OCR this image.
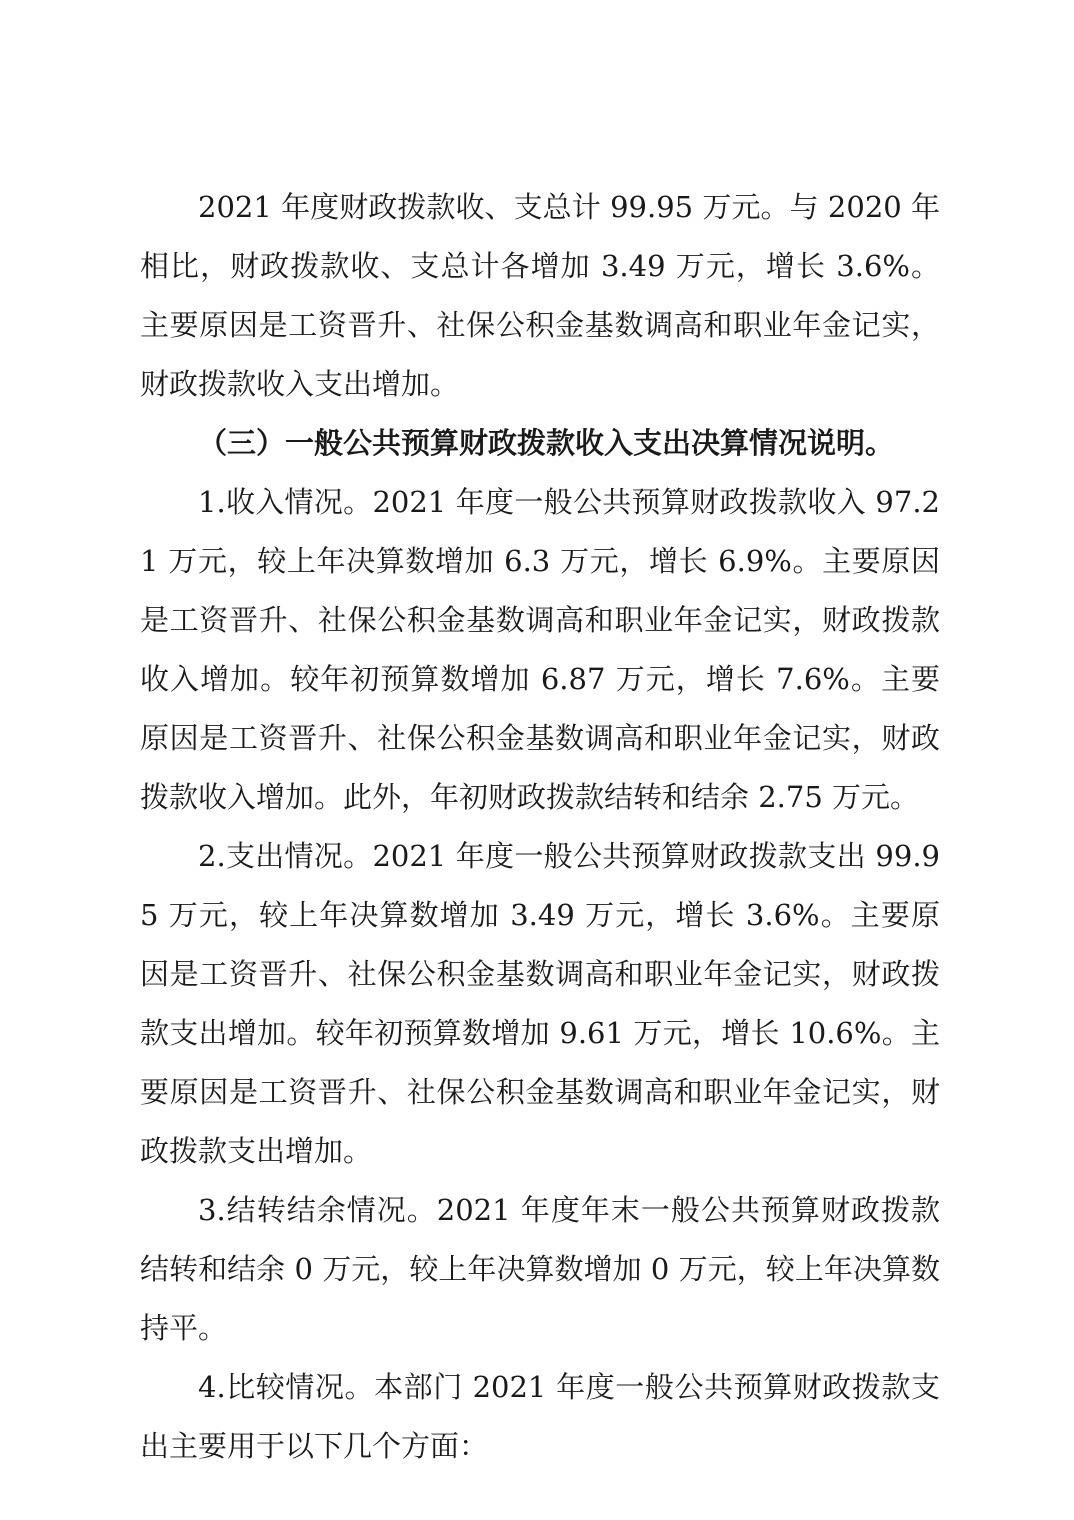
2021 年度财政拨款收、支总计 99.95 万元。与 2020 年相比，财政拨款收、支总计各增加 3.49 万元，增长 3.6%。主要原因是工资晋升、社保公积金基数调高和职业年金记实，财政拨款收入支出增加。

（三）一般公共预算财政拨款收入支出决算情况说明。

1.收入情况。2021 年度一般公共预算财政拨款收入 97.21 万元，较上年决算数增加 6.3 万元，增长 6.9%。主要原因是工资晋升、社保公积金基数调高和职业年金记实，财政拨款收入增加。较年初预算数增加 6.87 万元，增长 7.6%。主要原因是工资晋升、社保公积金基数调高和职业年金记实，财政拨款收入增加。此外，年初财政拨款结转和结余 2.75 万元。

2.支出情况。2021 年度一般公共预算财政拨款支出 99.95 万元，较上年决算数增加 3.49 万元，增长 3.6%。主要原因是工资晋升、社保公积金基数调高和职业年金记实，财政拨款支出增加。较年初预算数增加 9.61 万元，增长 10.6%。主要原因是工资晋升、社保公积金基数调高和职业年金记实，财政拨款支出增加。

3.结转结余情况。2021 年度年末一般公共预算财政拨款结转和结余 0 万元，较上年决算数增加 0 万元，较上年决算数持平。

4.比较情况。本部门 2021 年度一般公共预算财政拨款支出主要用于以下几个方面：
